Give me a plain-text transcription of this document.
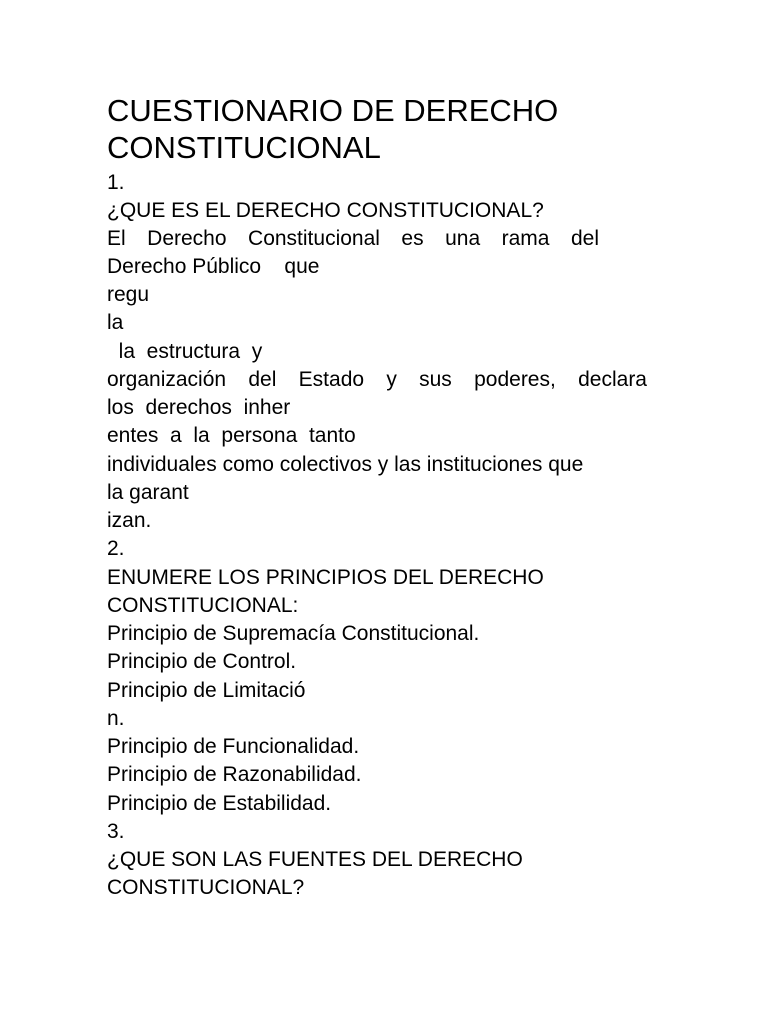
CUESTIONARIO DE DERECHO
CONSTITUCIONAL
1.
¿QUE ES EL DERECHO CONSTITUCIONAL?
El Derecho Constitucional es una rama del
Derecho Público    que
regu
la
la  estructura  y
organización del Estado y sus poderes, declara
los  derechos  inher
entes  a  la  persona  tanto
individuales como colectivos y las instituciones que
la garant
izan.
2.
ENUMERE LOS PRINCIPIOS DEL DERECHO
CONSTITUCIONAL:
Principio de Supremacía Constitucional.
Principio de Control.
Principio de Limitació
n.
Principio de Funcionalidad.
Principio de Razonabilidad.
Principio de Estabilidad.
3.
¿QUE SON LAS FUENTES DEL DERECHO
CONSTITUCIONAL?
